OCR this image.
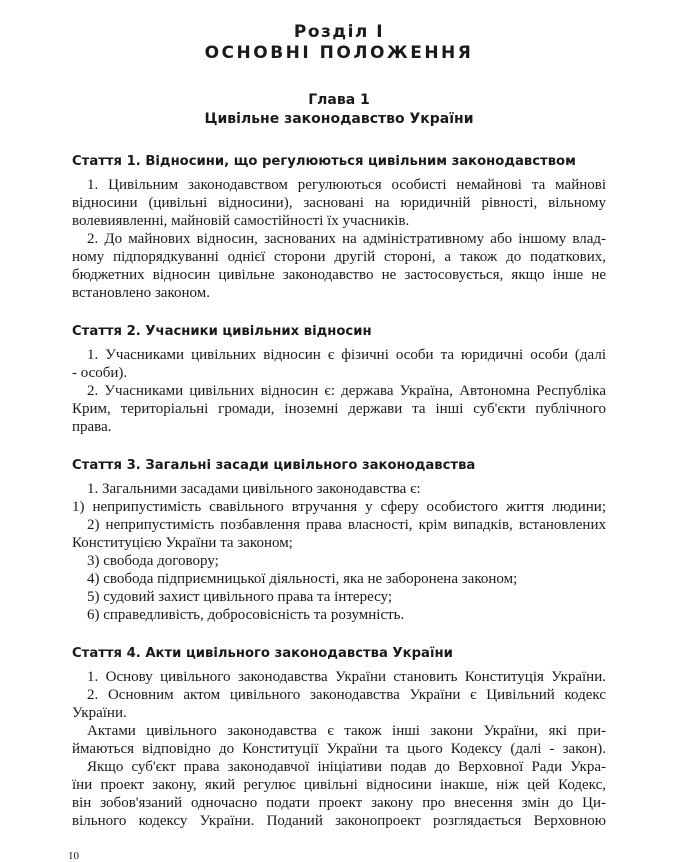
Розділ I
ОСНОВНІ ПОЛОЖЕННЯ
Глава 1
Цивільне законодавство України
Стаття 1. Відносини, що регулюються цивільним законодавством
1. Цивільним законодавством регулюються особисті немайнові та майнові
відносини (цивільні відносини), засновані на юридичній рівності, вільному
волевиявленні, майновій самостійності їх учасників.
2. До майнових відносин, заснованих на адміністративному або іншому влад-
ному підпорядкуванні однієї сторони другій стороні, а також до податкових,
бюджетних відносин цивільне законодавство не застосовується, якщо інше не
встановлено законом.
Стаття 2. Учасники цивільних відносин
1. Учасниками цивільних відносин є фізичні особи та юридичні особи (далі
- особи).
2. Учасниками цивільних відносин є: держава Україна, Автономна Республіка
Крим, територіальні громади, іноземні держави та інші суб'єкти публічного
права.
Стаття 3. Загальні засади цивільного законодавства
1. Загальними засадами цивільного законодавства є:
1) неприпустимість свавільного втручання у сферу особистого життя людини;
2) неприпустимість позбавлення права власності, крім випадків, встановлених
Конституцією України та законом;
3) свобода договору;
4) свобода підприємницької діяльності, яка не заборонена законом;
5) судовий захист цивільного права та інтересу;
6) справедливість, добросовісність та розумність.
Стаття 4. Акти цивільного законодавства України
1. Основу цивільного законодавства України становить Конституція України.
2. Основним актом цивільного законодавства України є Цивільний кодекс
України.
Актами цивільного законодавства є також інші закони України, які при-
ймаються відповідно до Конституції України та цього Кодексу (далі - закон).
Якщо суб'єкт права законодавчої ініціативи подав до Верховної Ради Укра-
їни проект закону, який регулює цивільні відносини інакше, ніж цей Кодекс,
він зобов'язаний одночасно подати проект закону про внесення змін до Ци-
вільного кодексу України. Поданий законопроект розглядається Верховною
10
